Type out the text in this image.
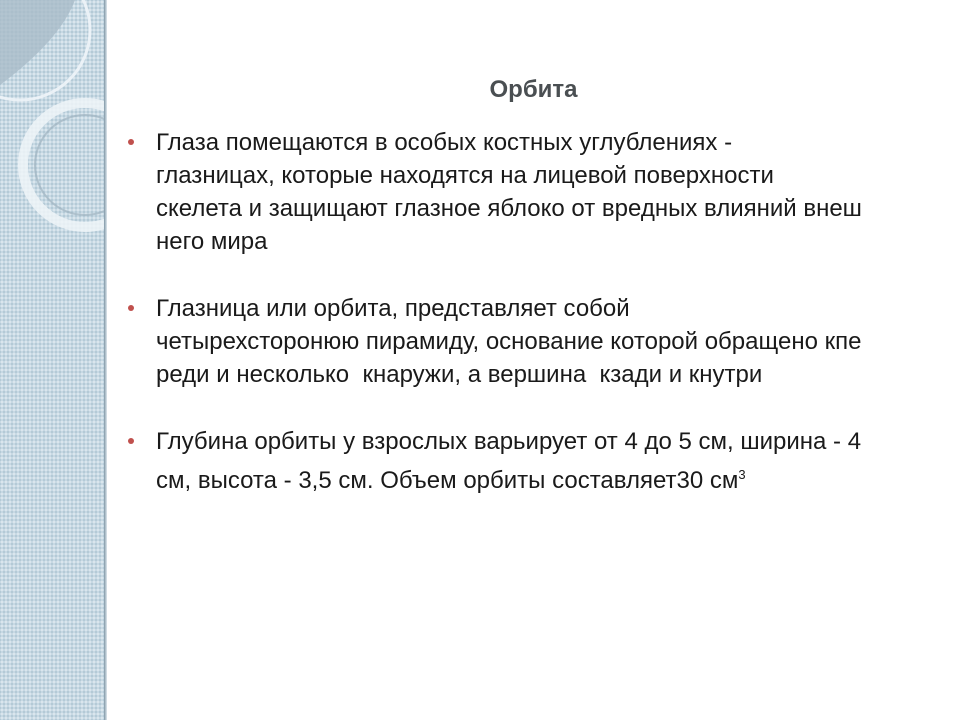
Орбита
Глаза помещаются в особых костных углублениях -
глазницах, которые находятся на лицевой поверхности
скелета и защищают глазное яблоко от вредных влияний внеш
него мира
Глазница или орбита, представляет собой
четырехсторонюю пирамиду, основание которой обращено кпе
реди и несколько  кнаружи, а вершина  кзади и кнутри
Глубина орбиты у взрослых варьирует от 4 до 5 см, ширина - 4
см, высота - 3,5 см. Объем орбиты составляет30 $см^3$
